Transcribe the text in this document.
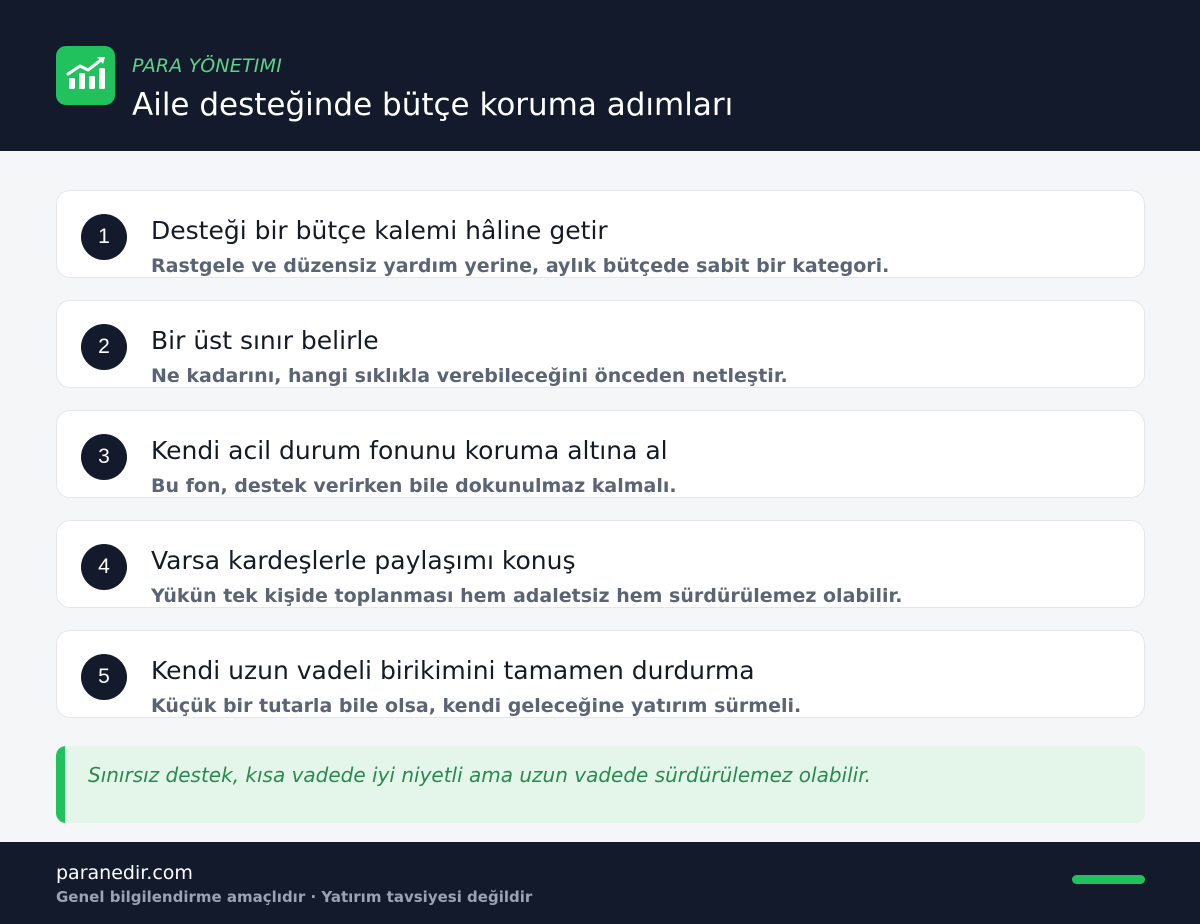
PARA YÖNETIMI
Aile desteğinde bütçe koruma adımları
1	Desteği bir bütçe kalemi hâline getir
Rastgele ve düzensiz yardım yerine, aylık bütçede sabit bir kategori.
2	Bir üst sınır belirle
Ne kadarını, hangi sıklıkla verebileceğini önceden netleştir.
3	Kendi acil durum fonunu koruma altına al
Bu fon, destek verirken bile dokunulmaz kalmalı.
4	Varsa kardeşlerle paylaşımı konuş
Yükün tek kişide toplanması hem adaletsiz hem sürdürülemez olabilir.
5	Kendi uzun vadeli birikimini tamamen durdurma
Küçük bir tutarla bile olsa, kendi geleceğine yatırım sürmeli.
Sınırsız destek, kısa vadede iyi niyetli ama uzun vadede sürdürülemez olabilir.
paranedir.com
Genel bilgilendirme amaçlıdır · Yatırım tavsiyesi değildir
